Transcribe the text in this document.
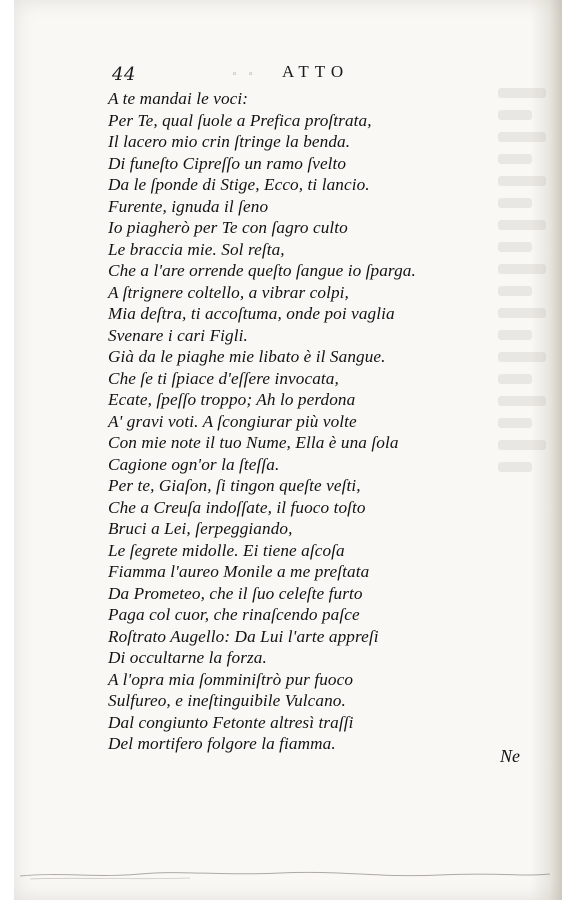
44	◦ ◦ ATTO
A te mandai le voci:
Per Te, qual ſuole a Prefica proſtrata,
Il lacero mio crin ſtringe la benda.
Di funeſto Cipreſſo un ramo ſvelto
Da le ſponde di Stige, Ecco, ti lancio.
Furente, ignuda il ſeno
Io piagherò per Te con ſagro culto
Le braccia mie. Sol reſta,
Che a l'are orrende queſto ſangue io ſparga.
A ſtrignere coltello, a vibrar colpi,
Mia deſtra, ti accoſtuma, onde poi vaglia
Svenare i cari Figli.
Già da le piaghe mie libato è il Sangue.
Che ſe ti ſpiace d'eſſere invocata,
Ecate, ſpeſſo troppo; Ah lo perdona
A' gravi voti. A ſcongiurar più volte
Con mie note il tuo Nume, Ella è una ſola
Cagione ogn'or la ſteſſa.
Per te, Giaſon, ſi tingon queſte veſti,
Che a Creuſa indoſſate, il fuoco toſto
Bruci a Lei, ſerpeggiando,
Le ſegrete midolle. Ei tiene aſcoſa
Fiamma l'aureo Monile a me preſtata
Da Prometeo, che il ſuo celeſte furto
Paga col cuor, che rinaſcendo paſce
Roſtrato Augello: Da Lui l'arte appreſi
Di occultarne la forza.
A l'opra mia ſomminiſtrò pur fuoco
Sulfureo, e ineſtinguibile Vulcano.
Dal congiunto Fetonte altresì traſſi
Del mortifero folgore la fiamma.
Ne
